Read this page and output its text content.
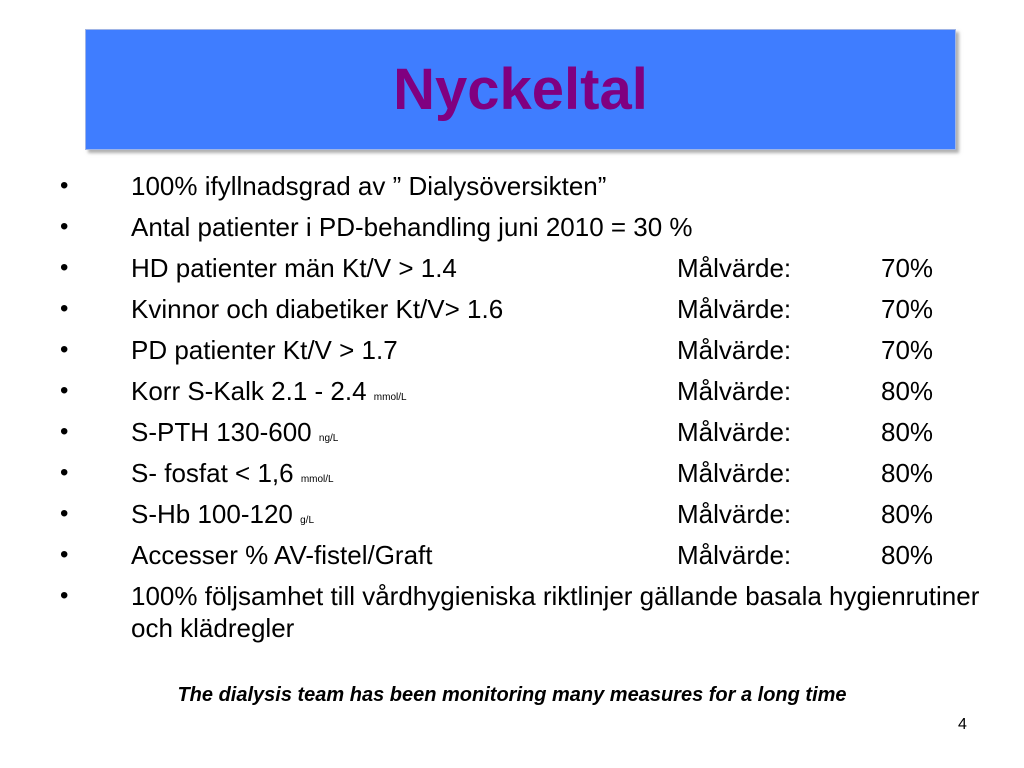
Nyckeltal
• 100% ifyllnadsgrad av ” Dialysöversikten”
• Antal patienter i PD-behandling juni 2010 = 30 %
• HD patienter män Kt/V > 1.4	Målvärde:	70%
• Kvinnor och diabetiker Kt/V> 1.6	Målvärde:	70%
• PD patienter Kt/V > 1.7	Målvärde:	70%
• Korr S-Kalk 2.1 - 2.4 mmol/L	Målvärde:	80%
• S-PTH 130-600 ng/L	Målvärde:	80%
• S- fosfat < 1,6 mmol/L	Målvärde:	80%
• S-Hb 100-120 g/L	Målvärde:	80%
• Accesser % AV-fistel/Graft	Målvärde:	80%
• 100% följsamhet till vårdhygieniska riktlinjer gällande basala hygienrutiner och klädregler
The dialysis team has been monitoring many measures for a long time
4
